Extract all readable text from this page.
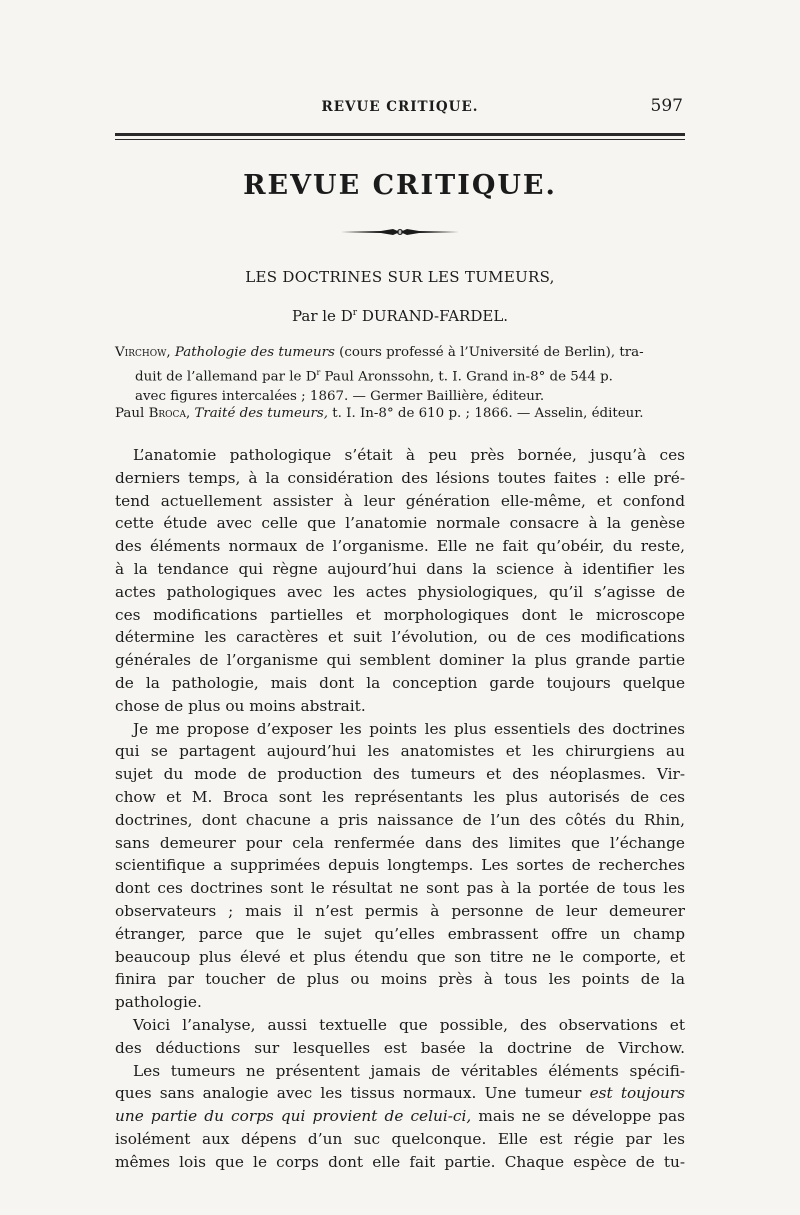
REVUE CRITIQUE.	597
REVUE CRITIQUE.
LES DOCTRINES SUR LES TUMEURS,
Par le $D^r$ DURAND-FARDEL.
Virchow, Pathologie des tumeurs (cours professé à l’Université de Berlin), tra-
duit de l’allemand par le $D^r$ Paul Aronssohn, t. I. Grand in-8° de 544 p.
avec figures intercalées ; 1867. — Germer Baillière, éditeur.
Paul Broca, Traité des tumeurs, t. I. In-8° de 610 p. ; 1866. — Asselin, éditeur.
L’anatomie pathologique s’était à peu près bornée, jusqu’à ces
derniers temps, à la considération des lésions toutes faites : elle pré-
tend actuellement assister à leur génération elle-même, et confond
cette étude avec celle que l’anatomie normale consacre à la genèse
des éléments normaux de l’organisme. Elle ne fait qu’obéir, du reste,
à la tendance qui règne aujourd’hui dans la science à identifier les
actes pathologiques avec les actes physiologiques, qu’il s’agisse de
ces modifications partielles et morphologiques dont le microscope
détermine les caractères et suit l’évolution, ou de ces modifications
générales de l’organisme qui semblent dominer la plus grande partie
de la pathologie, mais dont la conception garde toujours quelque
chose de plus ou moins abstrait.
Je me propose d’exposer les points les plus essentiels des doctrines
qui se partagent aujourd’hui les anatomistes et les chirurgiens au
sujet du mode de production des tumeurs et des néoplasmes. Vir-
chow et M. Broca sont les représentants les plus autorisés de ces
doctrines, dont chacune a pris naissance de l’un des côtés du Rhin,
sans demeurer pour cela renfermée dans des limites que l’échange
scientifique a supprimées depuis longtemps. Les sortes de recherches
dont ces doctrines sont le résultat ne sont pas à la portée de tous les
observateurs ; mais il n’est permis à personne de leur demeurer
étranger, parce que le sujet qu’elles embrassent offre un champ
beaucoup plus élevé et plus étendu que son titre ne le comporte, et
finira par toucher de plus ou moins près à tous les points de la
pathologie.
Voici l’analyse, aussi textuelle que possible, des observations et
des déductions sur lesquelles est basée la doctrine de Virchow.
Les tumeurs ne présentent jamais de véritables éléments spécifi-
ques sans analogie avec les tissus normaux. Une tumeur est toujours
une partie du corps qui provient de celui-ci, mais ne se développe pas
isolément aux dépens d’un suc quelconque. Elle est régie par les
mêmes lois que le corps dont elle fait partie. Chaque espèce de tu-
